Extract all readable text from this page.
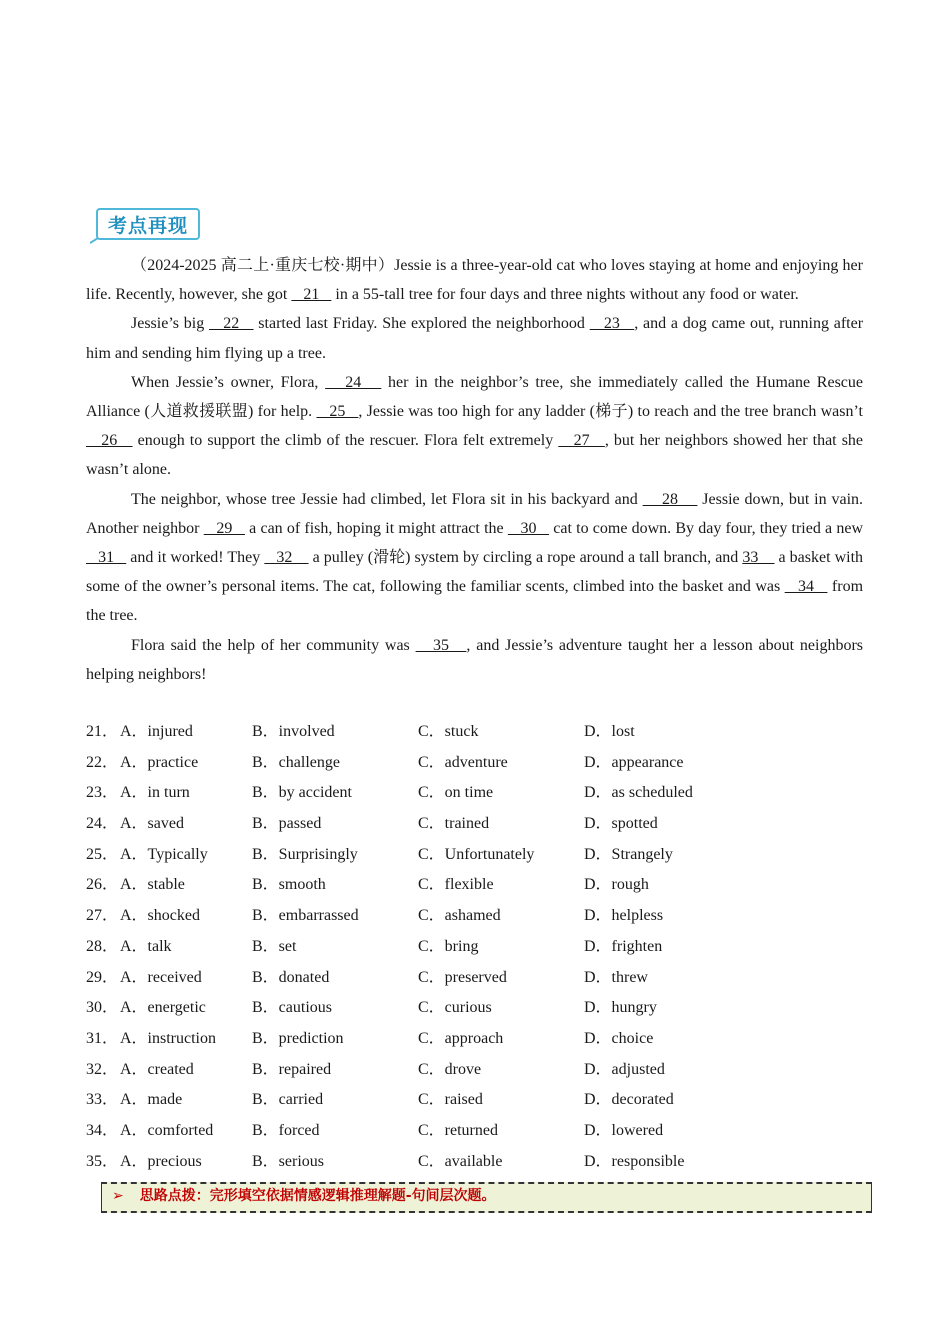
考点再现

（2024-2025 高二上·重庆七校·期中）Jessie is a three-year-old cat who loves staying at home and enjoying her life. Recently, however, she got    21    in a 55-tall tree for four days and three nights without any food or water.

Jessie’s big    22    started last Friday. She explored the neighborhood    23   , and a dog came out, running after him and sending him flying up a tree.

When Jessie’s owner, Flora,    24    her in the neighbor’s tree, she immediately called the Humane Rescue Alliance (人道救援联盟) for help.    25   , Jessie was too high for any ladder (梯子) to reach and the tree branch wasn’t    26    enough to support the climb of the rescuer. Flora felt extremely    27   , but her neighbors showed her that she wasn’t alone.

The neighbor, whose tree Jessie had climbed, let Flora sit in his backyard and     28     Jessie down, but in vain. Another neighbor    29    a can of fish, hoping it might attract the    30    cat to come down. By day four, they tried a new    31    and it worked! They    32     a pulley (滑轮) system by circling a rope around a tall branch, and 33     a basket with some of the owner’s personal items. The cat, following the familiar scents, climbed into the basket and was    34    from the tree.

Flora said the help of her community was    35   , and Jessie’s adventure taught her a lesson about neighbors helping neighbors!

21． A．injured	B．involved	C．stuck	D．lost
22． A．practice	B．challenge	C．adventure	D．appearance
23． A．in turn	B．by accident	C．on time	D．as scheduled
24． A．saved	B．passed	C．trained	D．spotted
25． A．Typically	B．Surprisingly	C．Unfortunately	D．Strangely
26． A．stable	B．smooth	C．flexible	D．rough
27． A．shocked	B．embarrassed	C．ashamed	D．helpless
28． A．talk	B．set	C．bring	D．frighten
29． A．received	B．donated	C．preserved	D．threw
30． A．energetic	B．cautious	C．curious	D．hungry
31． A．instruction B．prediction	C．approach	D．choice
32． A．created	B．repaired	C．drove	D．adjusted
33． A．made	B．carried	C．raised	D．decorated
34． A．comforted B．forced	C．returned	D．lowered
35． A．precious	B．serious	C．available	D．responsible
➢ 思路点拨：完形填空依据情感逻辑推理解题-句间层次题。
